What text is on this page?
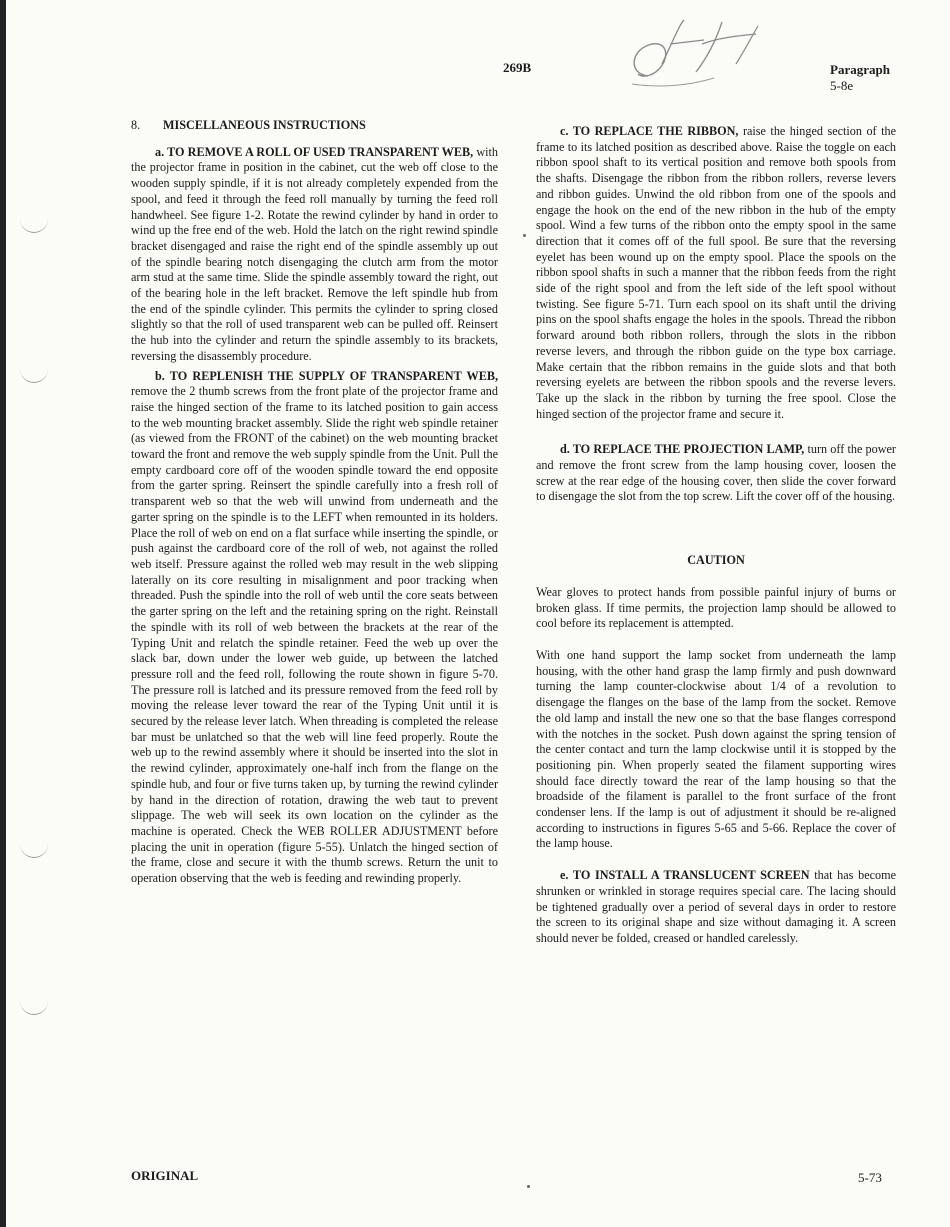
269B	Paragraph
5-8e

8. MISCELLANEOUS INSTRUCTIONS

a. TO REMOVE A ROLL OF USED TRANSPARENT WEB, with the projector frame in position in the cabinet, cut the web off close to the wooden supply spindle, if it is not already completely expended from the spool, and feed it through the feed roll manually by turning the feed roll handwheel. See figure 1-2. Rotate the rewind cylinder by hand in order to wind up the free end of the web. Hold the latch on the right rewind spindle bracket disengaged and raise the right end of the spindle assembly up out of the spindle bearing notch disengaging the clutch arm from the motor arm stud at the same time. Slide the spindle assembly toward the right, out of the bearing hole in the left bracket. Remove the left spindle hub from the end of the spindle cylinder. This permits the cylinder to spring closed slightly so that the roll of used transparent web can be pulled off. Reinsert the hub into the cylinder and return the spindle assembly to its brackets, reversing the disassembly procedure.

b. TO REPLENISH THE SUPPLY OF TRANSPARENT WEB, remove the 2 thumb screws from the front plate of the projector frame and raise the hinged section of the frame to its latched position to gain access to the web mounting bracket assembly. Slide the right web spindle retainer (as viewed from the FRONT of the cabinet) on the web mounting bracket toward the front and remove the web supply spindle from the Unit. Pull the empty cardboard core off of the wooden spindle toward the end opposite from the garter spring. Reinsert the spindle carefully into a fresh roll of transparent web so that the web will unwind from underneath and the garter spring on the spindle is to the LEFT when remounted in its holders. Place the roll of web on end on a flat surface while inserting the spindle, or push against the cardboard core of the roll of web, not against the rolled web itself. Pressure against the rolled web may result in the web slipping laterally on its core resulting in misalignment and poor tracking when threaded. Push the spindle into the roll of web until the core seats between the garter spring on the left and the retaining spring on the right. Reinstall the spindle with its roll of web between the brackets at the rear of the Typing Unit and relatch the spindle retainer. Feed the web up over the slack bar, down under the lower web guide, up between the latched pressure roll and the feed roll, following the route shown in figure 5-70. The pressure roll is latched and its pressure removed from the feed roll by moving the release lever toward the rear of the Typing Unit until it is secured by the release lever latch. When threading is completed the release bar must be unlatched so that the web will line feed properly. Route the web up to the rewind assembly where it should be inserted into the slot in the rewind cylinder, approximately one-half inch from the flange on the spindle hub, and four or five turns taken up, by turning the rewind cylinder by hand in the direction of rotation, drawing the web taut to prevent slippage. The web will seek its own location on the cylinder as the machine is operated. Check the WEB ROLLER ADJUSTMENT before placing the unit in operation (figure 5-55). Unlatch the hinged section of the frame, close and secure it with the thumb screws. Return the unit to operation observing that the web is feeding and rewinding properly.

c. TO REPLACE THE RIBBON, raise the hinged section of the frame to its latched position as described above. Raise the toggle on each ribbon spool shaft to its vertical position and remove both spools from the shafts. Disengage the ribbon from the ribbon rollers, reverse levers and ribbon guides. Unwind the old ribbon from one of the spools and engage the hook on the end of the new ribbon in the hub of the empty spool. Wind a few turns of the ribbon onto the empty spool in the same direction that it comes off of the full spool. Be sure that the reversing eyelet has been wound up on the empty spool. Place the spools on the ribbon spool shafts in such a manner that the ribbon feeds from the right side of the right spool and from the left side of the left spool without twisting. See figure 5-71. Turn each spool on its shaft until the driving pins on the spool shafts engage the holes in the spools. Thread the ribbon forward around both ribbon rollers, through the slots in the ribbon reverse levers, and through the ribbon guide on the type box carriage. Make certain that the ribbon remains in the guide slots and that both reversing eyelets are between the ribbon spools and the reverse levers. Take up the slack in the ribbon by turning the free spool. Close the hinged section of the projector frame and secure it.

d. TO REPLACE THE PROJECTION LAMP, turn off the power and remove the front screw from the lamp housing cover, loosen the screw at the rear edge of the housing cover, then slide the cover forward to disengage the slot from the top screw. Lift the cover off of the housing.

CAUTION

Wear gloves to protect hands from possible painful injury of burns or broken glass. If time permits, the projection lamp should be allowed to cool before its replacement is attempted.

With one hand support the lamp socket from underneath the lamp housing, with the other hand grasp the lamp firmly and push downward turning the lamp counter-clockwise about 1/4 of a revolution to disengage the flanges on the base of the lamp from the socket. Remove the old lamp and install the new one so that the base flanges correspond with the notches in the socket. Push down against the spring tension of the center contact and turn the lamp clockwise until it is stopped by the positioning pin. When properly seated the filament supporting wires should face directly toward the rear of the lamp housing so that the broadside of the filament is parallel to the front surface of the front condenser lens. If the lamp is out of adjustment it should be re-aligned according to instructions in figures 5-65 and 5-66. Replace the cover of the lamp house.

e. TO INSTALL A TRANSLUCENT SCREEN that has become shrunken or wrinkled in storage requires special care. The lacing should be tightened gradually over a period of several days in order to restore the screen to its original shape and size without damaging it. A screen should never be folded, creased or handled carelessly.

ORIGINAL	5-73
